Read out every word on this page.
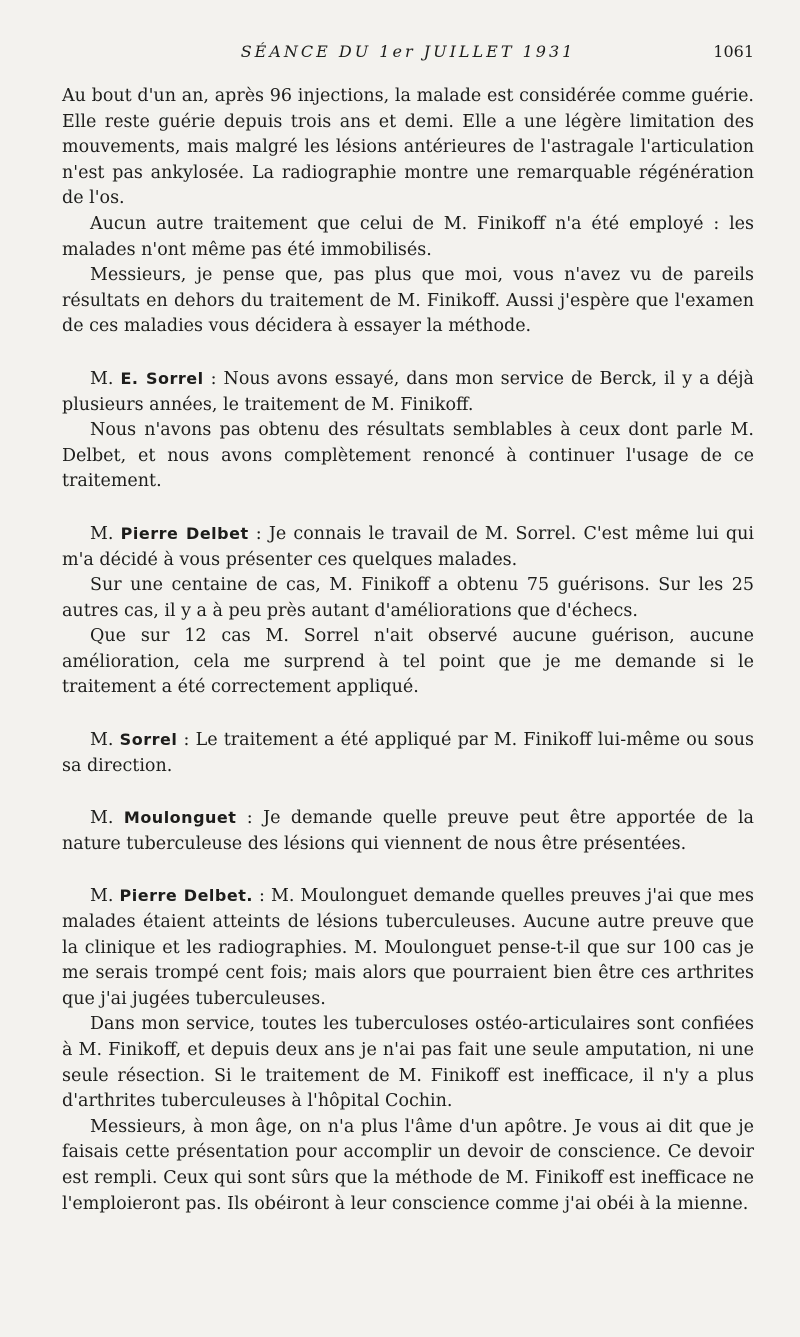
SÉANCE DU 1er JUILLET 1931	1061

Au bout d'un an, après 96 injections, la malade est considérée comme guérie. Elle reste guérie depuis trois ans et demi. Elle a une légère limitation des mouvements, mais malgré les lésions antérieures de l'astragale l'articulation n'est pas ankylosée. La radiographie montre une remarquable régénération de l'os.

Aucun autre traitement que celui de M. Finikoff n'a été employé : les malades n'ont même pas été immobilisés.

Messieurs, je pense que, pas plus que moi, vous n'avez vu de pareils résultats en dehors du traitement de M. Finikoff. Aussi j'espère que l'examen de ces maladies vous décidera à essayer la méthode.

M. E. Sorrel : Nous avons essayé, dans mon service de Berck, il y a déjà plusieurs années, le traitement de M. Finikoff.

Nous n'avons pas obtenu des résultats semblables à ceux dont parle M. Delbet, et nous avons complètement renoncé à continuer l'usage de ce traitement.

M. Pierre Delbet : Je connais le travail de M. Sorrel. C'est même lui qui m'a décidé à vous présenter ces quelques malades.

Sur une centaine de cas, M. Finikoff a obtenu 75 guérisons. Sur les 25 autres cas, il y a à peu près autant d'améliorations que d'échecs.

Que sur 12 cas M. Sorrel n'ait observé aucune guérison, aucune amélioration, cela me surprend à tel point que je me demande si le traitement a été correctement appliqué.

M. Sorrel : Le traitement a été appliqué par M. Finikoff lui-même ou sous sa direction.

M. Moulonguet : Je demande quelle preuve peut être apportée de la nature tuberculeuse des lésions qui viennent de nous être présentées.

M. Pierre Delbet. : M. Moulonguet demande quelles preuves j'ai que mes malades étaient atteints de lésions tuberculeuses. Aucune autre preuve que la clinique et les radiographies. M. Moulonguet pense-t-il que sur 100 cas je me serais trompé cent fois; mais alors que pourraient bien être ces arthrites que j'ai jugées tuberculeuses.

Dans mon service, toutes les tuberculoses ostéo-articulaires sont confiées à M. Finikoff, et depuis deux ans je n'ai pas fait une seule amputation, ni une seule résection. Si le traitement de M. Finikoff est inefficace, il n'y a plus d'arthrites tuberculeuses à l'hôpital Cochin.

Messieurs, à mon âge, on n'a plus l'âme d'un apôtre. Je vous ai dit que je faisais cette présentation pour accomplir un devoir de conscience. Ce devoir est rempli. Ceux qui sont sûrs que la méthode de M. Finikoff est inefficace ne l'emploieront pas. Ils obéiront à leur conscience comme j'ai obéi à la mienne.
